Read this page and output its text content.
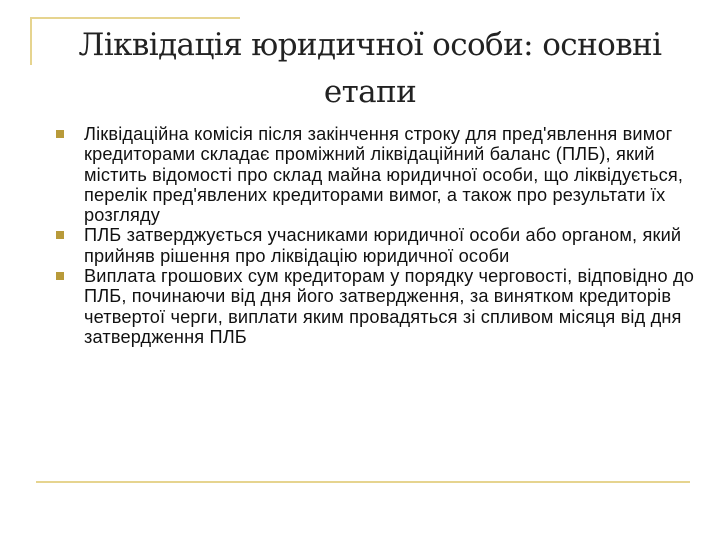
Ліквідація юридичної особи: основні етапи
Ліквідаційна комісія після закінчення строку для пред'явлення вимог кредиторами складає проміжний ліквідаційний баланс (ПЛБ), який містить відомості про склад майна юридичної особи, що ліквідується, перелік пред'явлених кредиторами вимог, а також про результати їх розгляду
ПЛБ затверджується учасниками юридичної особи або органом, який прийняв рішення про ліквідацію юридичної особи
Виплата грошових сум кредиторам у порядку черговості, відповідно до ПЛБ, починаючи від дня його затвердження, за винятком кредиторів четвертої черги, виплати яким провадяться зі спливом місяця від дня затвердження ПЛБ
